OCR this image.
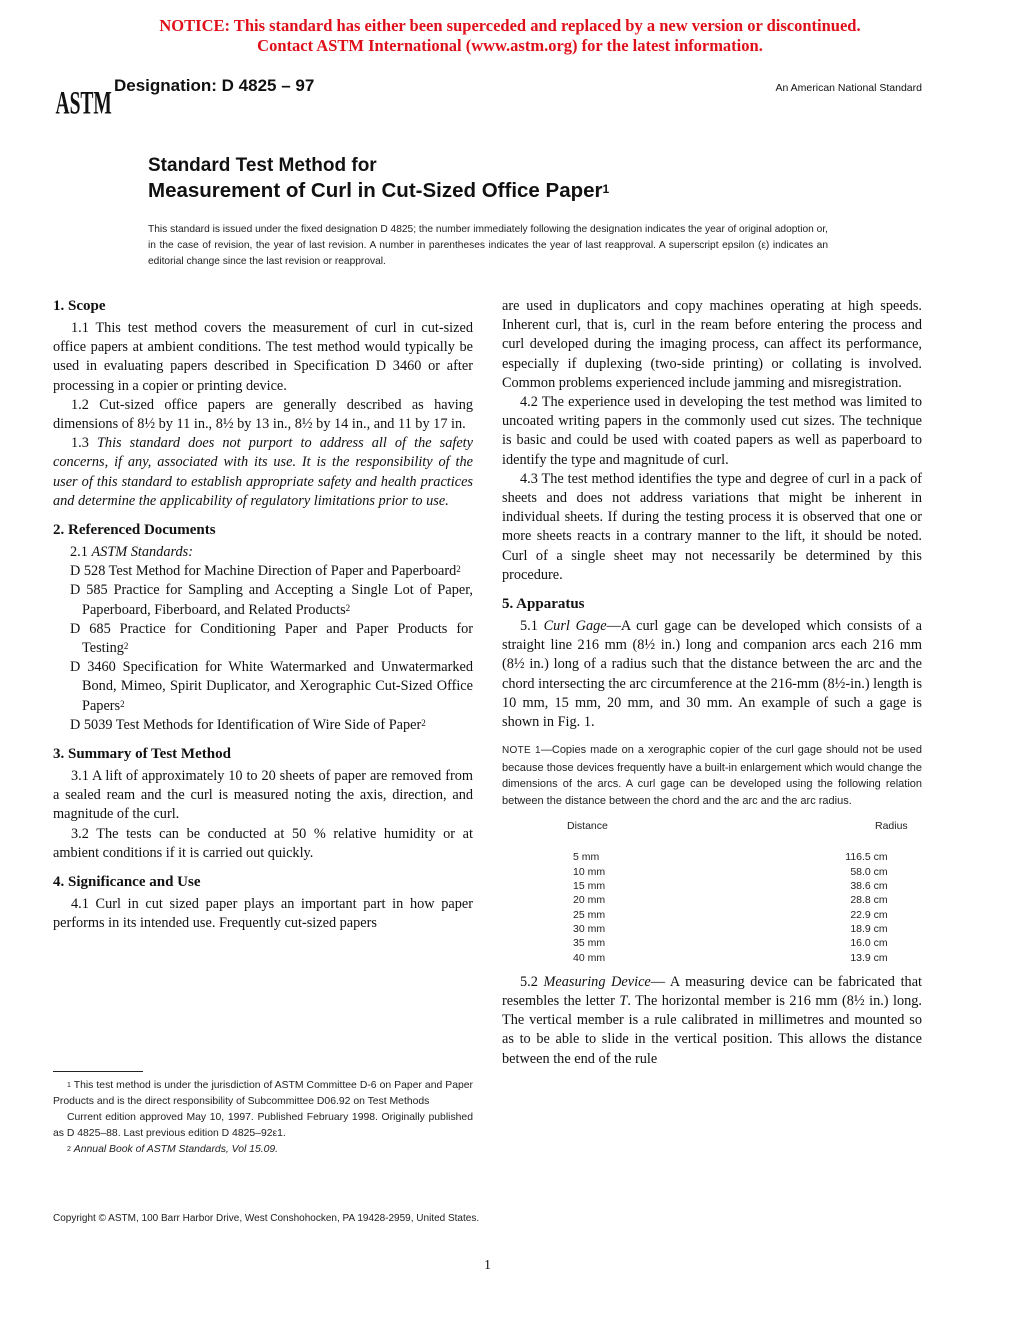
NOTICE: This standard has either been superceded and replaced by a new version or discontinued.
Contact ASTM International (www.astm.org) for the latest information.
ASTM Designation: D 4825 – 97	An American National Standard
Standard Test Method for
Measurement of Curl in Cut-Sized Office Paper$^1$
This standard is issued under the fixed designation D 4825; the number immediately following the designation indicates the year of original adoption or, in the case of revision, the year of last revision. A number in parentheses indicates the year of last reapproval. A superscript epsilon (ε) indicates an editorial change since the last revision or reapproval.
1. Scope

1.1 This test method covers the measurement of curl in cut-sized office papers at ambient conditions. The test method would typically be used in evaluating papers described in Specification D 3460 or after processing in a copier or printing device.

1.2 Cut-sized office papers are generally described as having dimensions of 8½ by 11 in., 8½ by 13 in., 8½ by 14 in., and 11 by 17 in.

1.3 This standard does not purport to address all of the safety concerns, if any, associated with its use. It is the responsibility of the user of this standard to establish appropriate safety and health practices and determine the applicability of regulatory limitations prior to use.

2. Referenced Documents
2.1 ASTM Standards:
D 528 Test Method for Machine Direction of Paper and Paperboard$^2$
D 585 Practice for Sampling and Accepting a Single Lot of Paper, Paperboard, Fiberboard, and Related Products$^2$
D 685 Practice for Conditioning Paper and Paper Products for Testing$^2$
D 3460 Specification for White Watermarked and Unwatermarked Bond, Mimeo, Spirit Duplicator, and Xerographic Cut-Sized Office Papers$^2$
D 5039 Test Methods for Identification of Wire Side of Paper$^2$
3. Summary of Test Method

3.1 A lift of approximately 10 to 20 sheets of paper are removed from a sealed ream and the curl is measured noting the axis, direction, and magnitude of the curl.

3.2 The tests can be conducted at 50 % relative humidity or at ambient conditions if it is carried out quickly.

4. Significance and Use

4.1 Curl in cut sized paper plays an important part in how paper performs in its intended use. Frequently cut-sized papers

are used in duplicators and copy machines operating at high speeds. Inherent curl, that is, curl in the ream before entering the process and curl developed during the imaging process, can affect its performance, especially if duplexing (two-side printing) or collating is involved. Common problems experienced include jamming and misregistration.

4.2 The experience used in developing the test method was limited to uncoated writing papers in the commonly used cut sizes. The technique is basic and could be used with coated papers as well as paperboard to identify the type and magnitude of curl.

4.3 The test method identifies the type and degree of curl in a pack of sheets and does not address variations that might be inherent in individual sheets. If during the testing process it is observed that one or more sheets reacts in a contrary manner to the lift, it should be noted. Curl of a single sheet may not necessarily be determined by this procedure.

5. Apparatus

5.1 Curl Gage—A curl gage can be developed which consists of a straight line 216 mm (8½ in.) long and companion arcs each 216 mm (8½ in.) long of a radius such that the distance between the arc and the chord intersecting the arc circumference at the 216-mm (8½-in.) length is 10 mm, 15 mm, 20 mm, and 30 mm. An example of such a gage is shown in Fig. 1.

NOTE 1—Copies made on a xerographic copier of the curl gage should not be used because those devices frequently have a built-in enlargement which would change the dimensions of the arcs. A curl gage can be developed using the following relation between the distance between the chord and the arc and the arc radius.
Distance	Radius
5 mm	116.5 cm
10 mm	58.0 cm
15 mm	38.6 cm
20 mm	28.8 cm
25 mm	22.9 cm
30 mm	18.9 cm
35 mm	16.0 cm
40 mm	13.9 cm

5.2 Measuring Device— A measuring device can be fabricated that resembles the letter T. The horizontal member is 216 mm (8½ in.) long. The vertical member is a rule calibrated in millimetres and mounted so as to be able to slide in the vertical position. This allows the distance between the end of the rule

$^1$ This test method is under the jurisdiction of ASTM Committee D-6 on Paper and Paper Products and is the direct responsibility of Subcommittee D06.92 on Test Methods

Current edition approved May 10, 1997. Published February 1998. Originally published as D 4825–88. Last previous edition D 4825–92ε1.

$^2$ Annual Book of ASTM Standards, Vol 15.09.

Copyright © ASTM, 100 Barr Harbor Drive, West Conshohocken, PA 19428-2959, United States.
1
